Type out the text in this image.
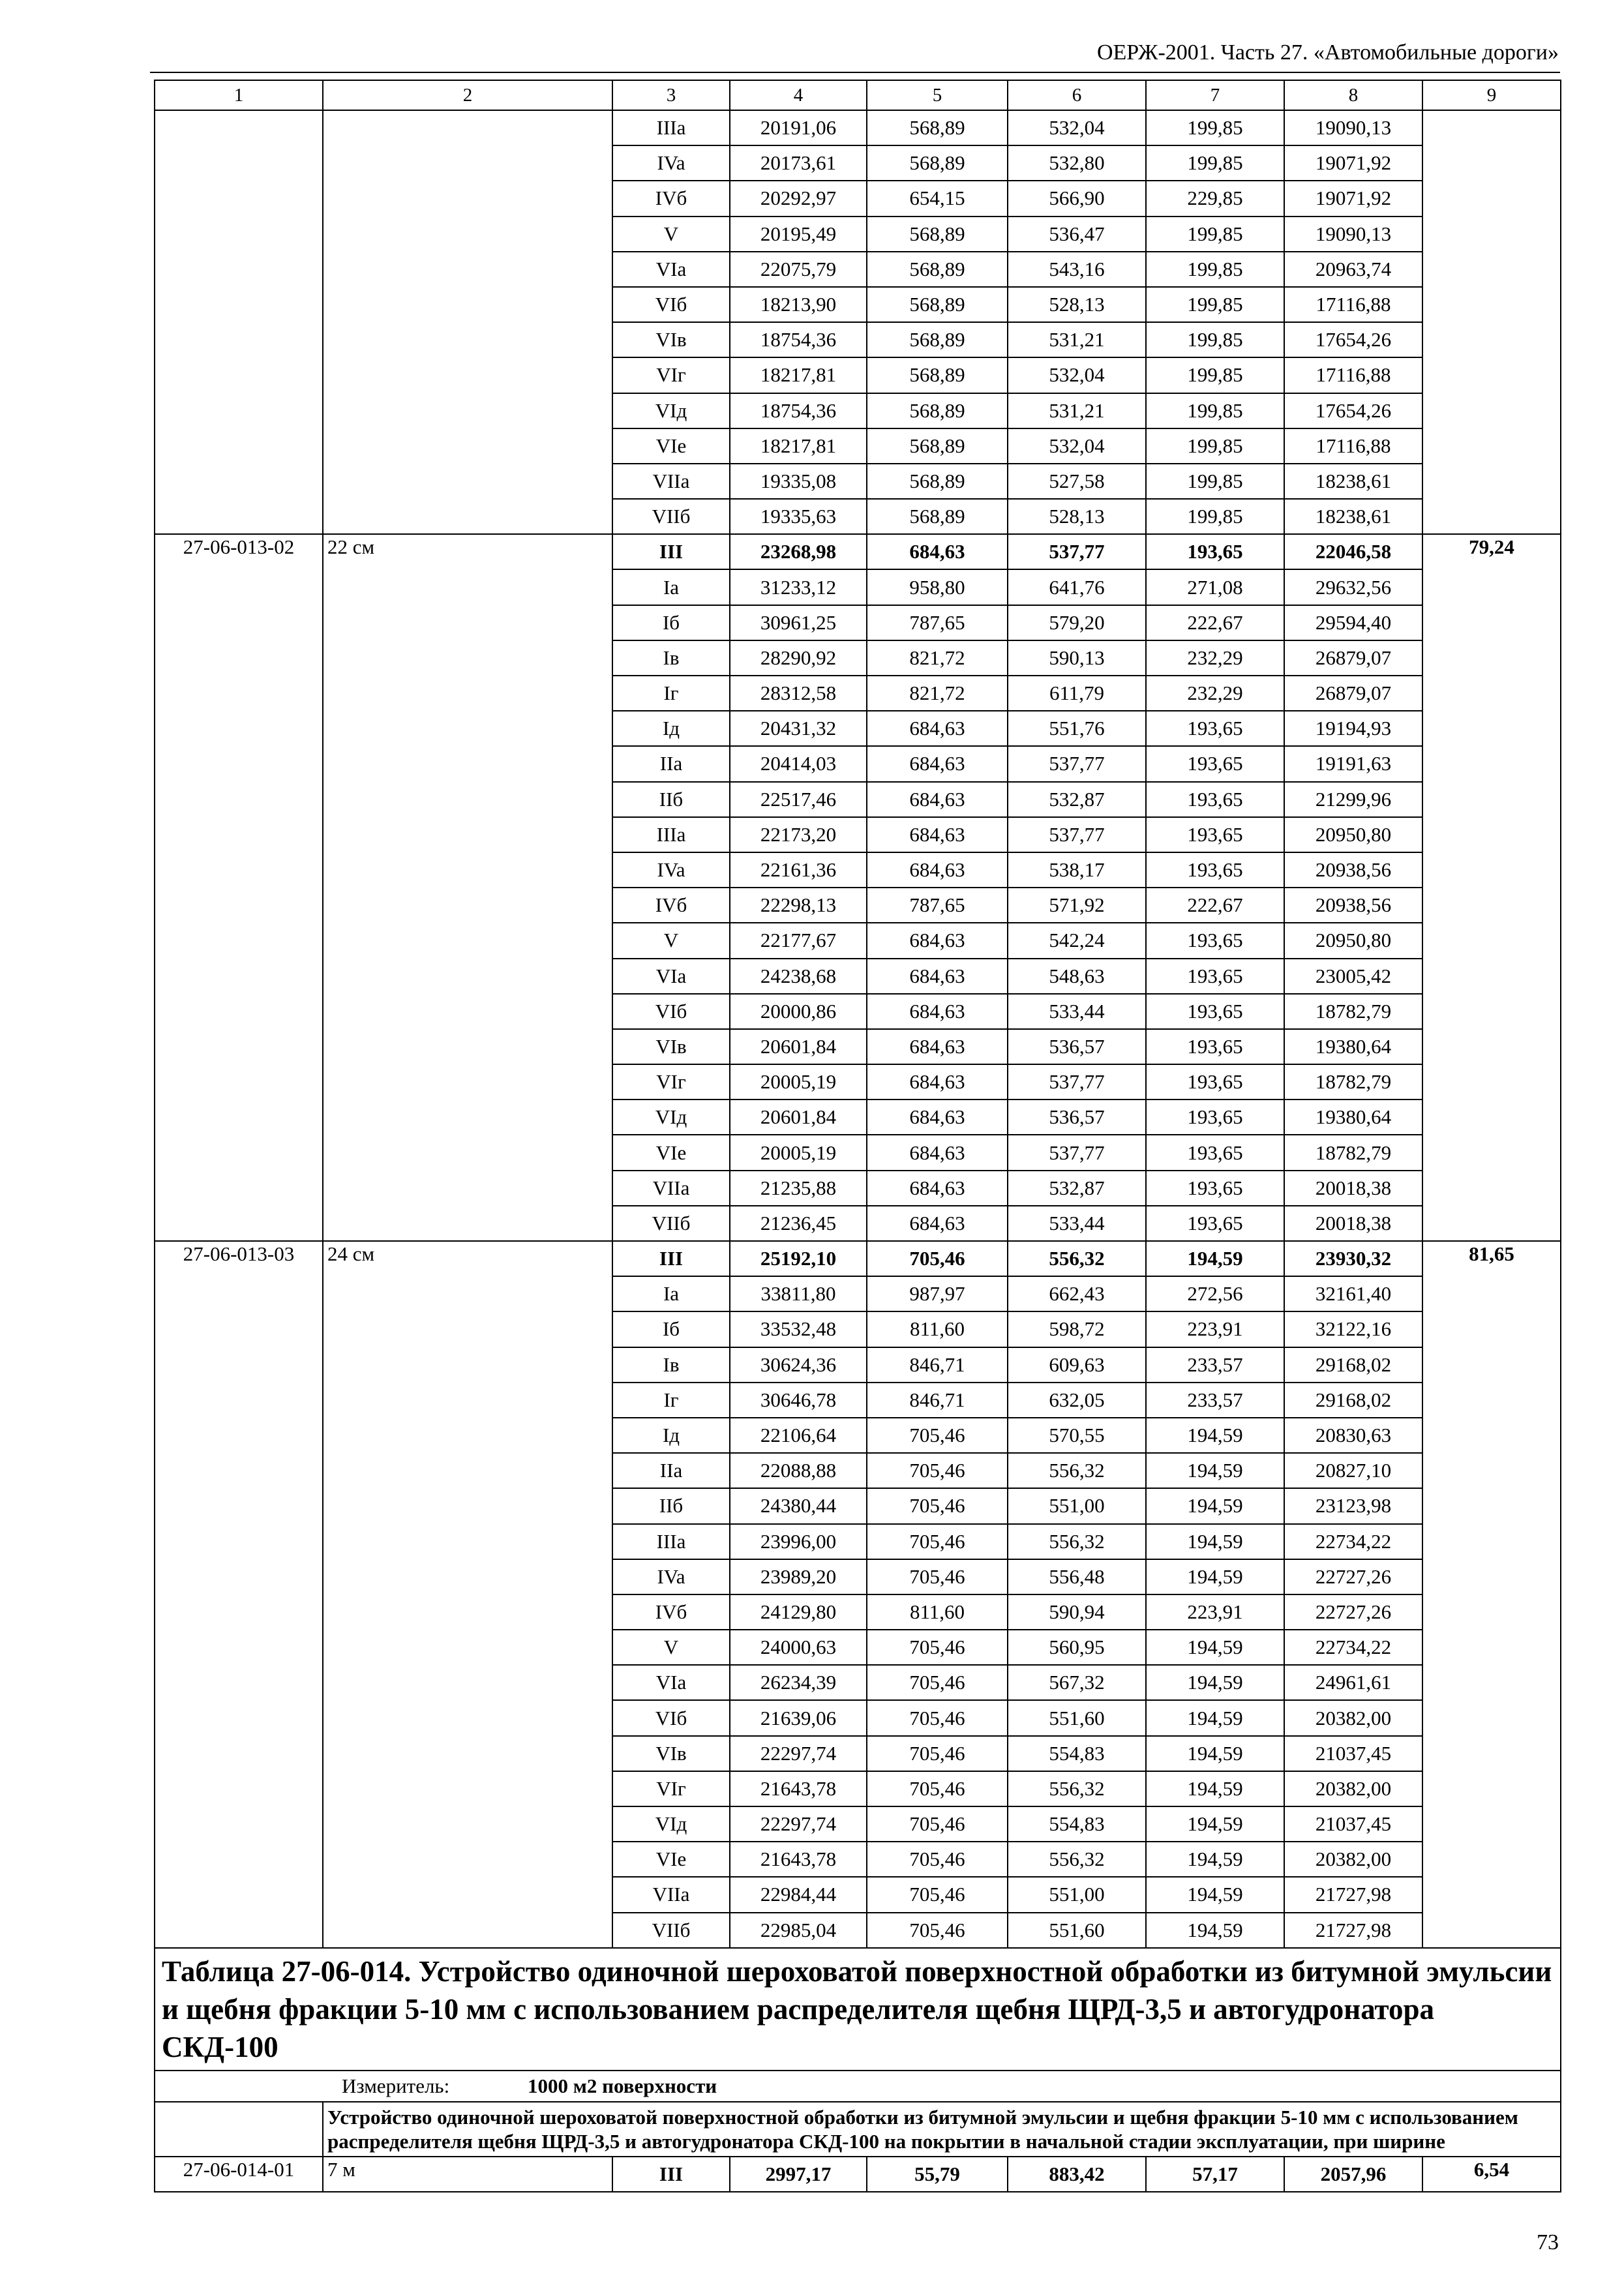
ОЕРЖ-2001. Часть 27. «Автомобильные дороги»
1	2	3	4	5	6	7	8	9
		IIIa	20191,06	568,89	532,04	199,85	19090,13	
		IVa	20173,61	568,89	532,80	199,85	19071,92	
		IVб	20292,97	654,15	566,90	229,85	19071,92	
		V	20195,49	568,89	536,47	199,85	19090,13	
		VIa	22075,79	568,89	543,16	199,85	20963,74	
		VIб	18213,90	568,89	528,13	199,85	17116,88	
		VIв	18754,36	568,89	531,21	199,85	17654,26	
		VIг	18217,81	568,89	532,04	199,85	17116,88	
		VIд	18754,36	568,89	531,21	199,85	17654,26	
		VIe	18217,81	568,89	532,04	199,85	17116,88	
		VIIa	19335,08	568,89	527,58	199,85	18238,61	
		VIIб	19335,63	568,89	528,13	199,85	18238,61	
27-06-013-02	22 см	III	23268,98	684,63	537,77	193,65	22046,58	79,24
		Ia	31233,12	958,80	641,76	271,08	29632,56	
		Iб	30961,25	787,65	579,20	222,67	29594,40	
		Iв	28290,92	821,72	590,13	232,29	26879,07	
		Iг	28312,58	821,72	611,79	232,29	26879,07	
		Iд	20431,32	684,63	551,76	193,65	19194,93	
		IIa	20414,03	684,63	537,77	193,65	19191,63	
		IIб	22517,46	684,63	532,87	193,65	21299,96	
		IIIa	22173,20	684,63	537,77	193,65	20950,80	
		IVa	22161,36	684,63	538,17	193,65	20938,56	
		IVб	22298,13	787,65	571,92	222,67	20938,56	
		V	22177,67	684,63	542,24	193,65	20950,80	
		VIa	24238,68	684,63	548,63	193,65	23005,42	
		VIб	20000,86	684,63	533,44	193,65	18782,79	
		VIв	20601,84	684,63	536,57	193,65	19380,64	
		VIг	20005,19	684,63	537,77	193,65	18782,79	
		VIд	20601,84	684,63	536,57	193,65	19380,64	
		VIe	20005,19	684,63	537,77	193,65	18782,79	
		VIIa	21235,88	684,63	532,87	193,65	20018,38	
		VIIб	21236,45	684,63	533,44	193,65	20018,38	
27-06-013-03	24 см	III	25192,10	705,46	556,32	194,59	23930,32	81,65
		Ia	33811,80	987,97	662,43	272,56	32161,40	
		Iб	33532,48	811,60	598,72	223,91	32122,16	
		Iв	30624,36	846,71	609,63	233,57	29168,02	
		Iг	30646,78	846,71	632,05	233,57	29168,02	
		Iд	22106,64	705,46	570,55	194,59	20830,63	
		IIa	22088,88	705,46	556,32	194,59	20827,10	
		IIб	24380,44	705,46	551,00	194,59	23123,98	
		IIIa	23996,00	705,46	556,32	194,59	22734,22	
		IVa	23989,20	705,46	556,48	194,59	22727,26	
		IVб	24129,80	811,60	590,94	223,91	22727,26	
		V	24000,63	705,46	560,95	194,59	22734,22	
		VIa	26234,39	705,46	567,32	194,59	24961,61	
		VIб	21639,06	705,46	551,60	194,59	20382,00	
		VIв	22297,74	705,46	554,83	194,59	21037,45	
		VIг	21643,78	705,46	556,32	194,59	20382,00	
		VIд	22297,74	705,46	554,83	194,59	21037,45	
		VIe	21643,78	705,46	556,32	194,59	20382,00	
		VIIa	22984,44	705,46	551,00	194,59	21727,98	
		VIIб	22985,04	705,46	551,60	194,59	21727,98	
Таблица 27-06-014. Устройство одиночной шероховатой поверхностной обработки из битумной эмульсии и щебня фракции 5-10 мм с использованием распределителя щебня ЩРД-3,5 и автогудронатора СКД-100								
Измеритель: 1000 м2 поверхности								
	Устройство одиночной шероховатой поверхностной обработки из битумной эмульсии и щебня фракции 5-10 мм с использованием распределителя щебня ЩРД-3,5 и автогудронатора СКД-100 на покрытии в начальной стадии эксплуатации, при ширине							
27-06-014-01	7 м	III	2997,17	55,79	883,42	57,17	2057,96	6,54
73
